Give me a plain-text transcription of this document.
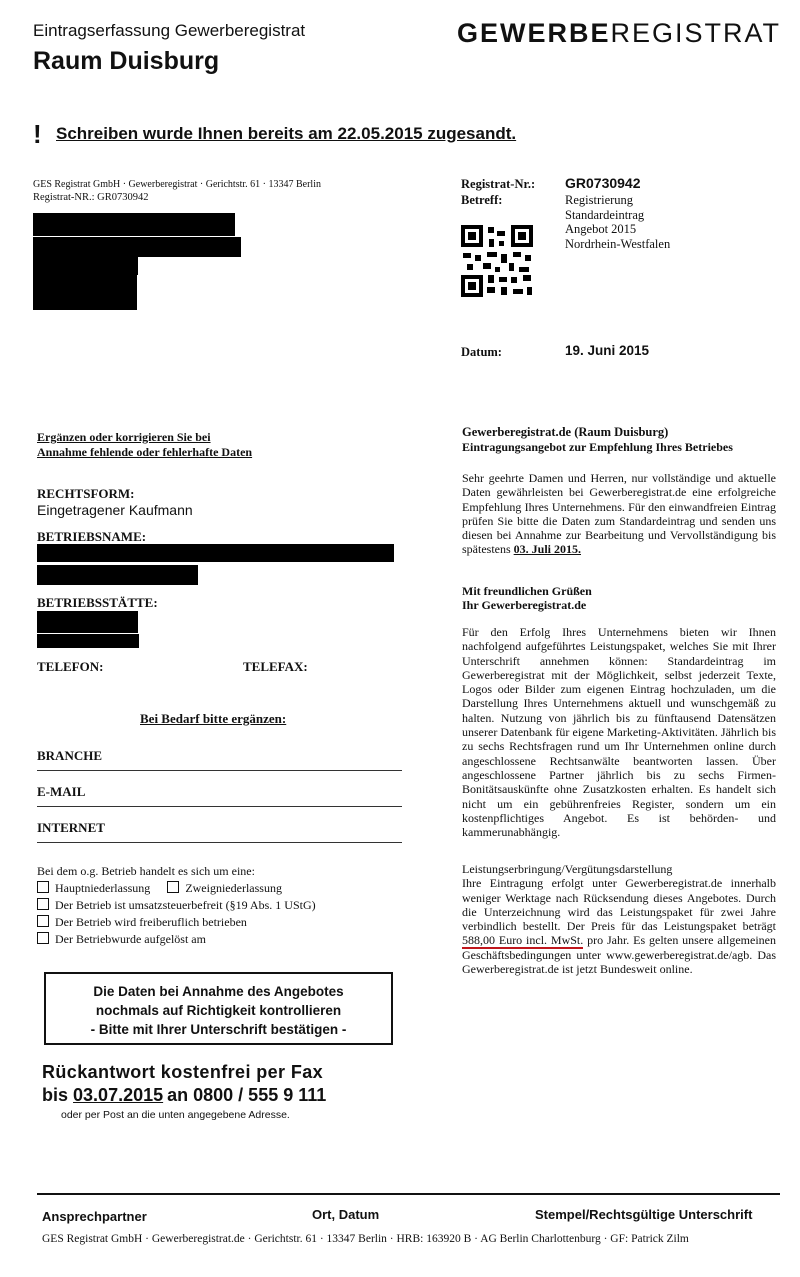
Eintragserfassung Gewerberegistrat
Raum Duisburg
GEWERBEREGISTRAT
! Schreiben wurde Ihnen bereits am 22.05.2015 zugesandt.
GES Registrat GmbH · Gewerberegistrat · Gerichtstr. 61 · 13347 Berlin
Registrat-NR.: GR0730942
Registrat-Nr.: GR0730942
Betreff:	Registrierung
Standardeintrag
Angebot 2015
Nordrhein-Westfalen
Datum:	19. Juni 2015
Ergänzen oder korrigieren Sie bei
Annahme fehlende oder fehlerhafte Daten
RECHTSFORM:
Eingetragener Kaufmann
BETRIEBSNAME:
BETRIEBSSTÄTTE:
TELEFON:	TELEFAX:
Bei Bedarf bitte ergänzen:
BRANCHE
E-MAIL
INTERNET
Bei dem o.g. Betrieb handelt es sich um eine:
Hauptniederlassung	Zweigniederlassung
Der Betrieb ist umsatzsteuerbefreit (§19 Abs. 1 UStG)
Der Betrieb wird freiberuflich betrieben
Der Betriebwurde aufgelöst am
Die Daten bei Annahme des Angebotes
nochmals auf Richtigkeit kontrollieren
- Bitte mit Ihrer Unterschrift bestätigen -
Rückantwort kostenfrei per Fax
bis 03.07.2015 an 0800 / 555 9 111
oder per Post an die unten angegebene Adresse.
Gewerberegistrat.de (Raum Duisburg)
Eintragungsangebot zur Empfehlung Ihres Betriebes
Sehr geehrte Damen und Herren, nur vollständige und aktuelle Daten gewährleisten bei Gewerberegistrat.de eine erfolgreiche Empfehlung Ihres Unternehmens. Für den einwandfreien Eintrag prüfen Sie bitte die Daten zum Standardeintrag und senden uns diesen bei Annahme zur Bearbeitung und Vervollständigung bis spätestens 03. Juli 2015.
Mit freundlichen Grüßen
Ihr Gewerberegistrat.de
Für den Erfolg Ihres Unternehmens bieten wir Ihnen nachfolgend aufgeführtes Leistungspaket, welches Sie mit Ihrer Unterschrift annehmen können: Standardeintrag im Gewerberegistrat mit der Möglichkeit, selbst jederzeit Texte, Logos oder Bilder zum eigenen Eintrag hochzuladen, um die Darstellung Ihres Unternehmens aktuell und wunschgemäß zu halten. Nutzung von jährlich bis zu fünftausend Datensätzen unserer Datenbank für eigene Marketing-Aktivitäten. Jährlich bis zu sechs Rechtsfragen rund um Ihr Unternehmen online durch angeschlossene Rechtsanwälte beantworten lassen. Über angeschlossene Partner jährlich bis zu sechs Firmen-Bonitätsauskünfte ohne Zusatzkosten erhalten. Es handelt sich nicht um ein gebührenfreies Register, sondern um ein kostenpflichtiges Angebot. Es ist behörden- und kammerunabhängig.
Leistungserbringung/Vergütungsdarstellung
Ihre Eintragung erfolgt unter Gewerberegistrat.de innerhalb weniger Werktage nach Rücksendung dieses Angebotes. Durch die Unterzeichnung wird das Leistungspaket für zwei Jahre verbindlich bestellt. Der Preis für das Leistungspaket beträgt 588,00 Euro incl. MwSt. pro Jahr. Es gelten unsere allgemeinen Geschäftsbedingungen unter www.gewerberegistrat.de/agb. Das Gewerberegistrat.de ist jetzt Bundesweit online.
Ansprechpartner	Ort, Datum	Stempel/Rechtsgültige Unterschrift
GES Registrat GmbH · Gewerberegistrat.de · Gerichtstr. 61 · 13347 Berlin · HRB: 163920 B · AG Berlin Charlottenburg · GF: Patrick Zilm
